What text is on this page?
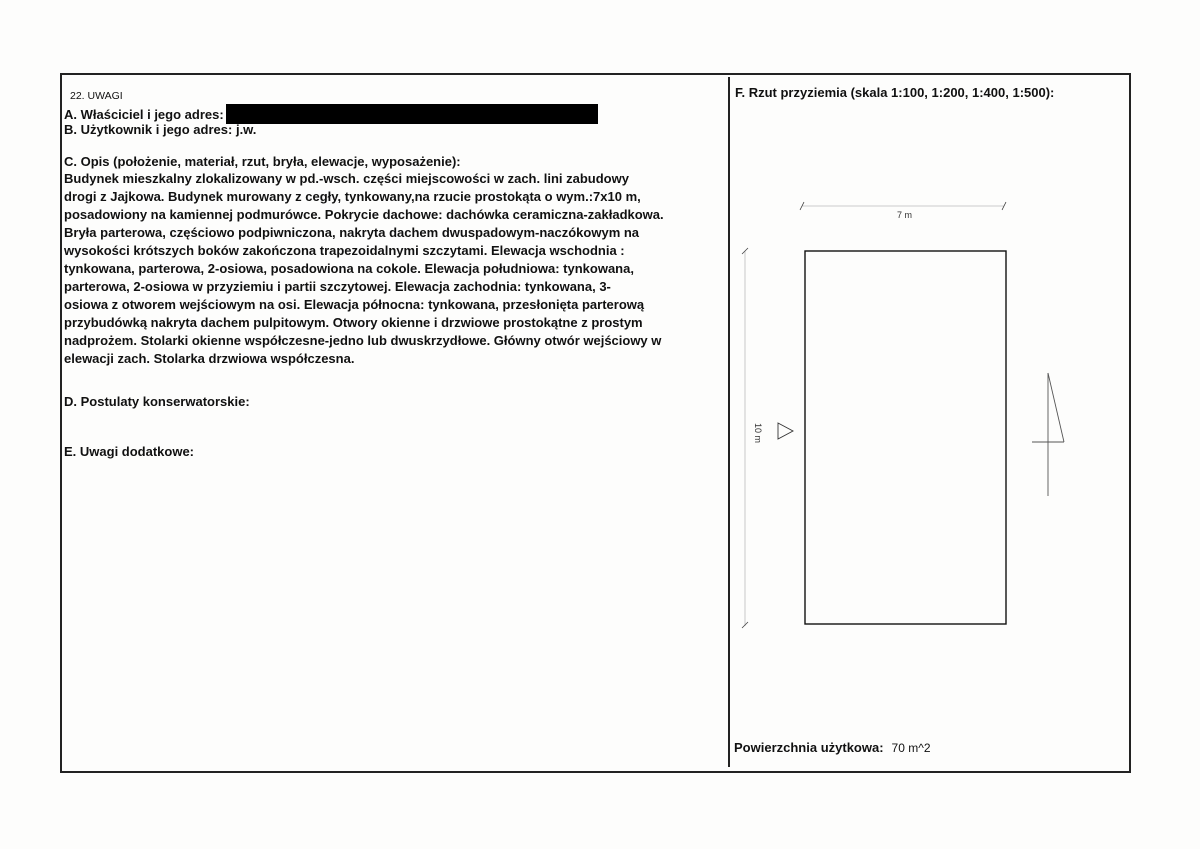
22. UWAGI
A. Właściciel i jego adres:
B. Użytkownik i jego adres: j.w.
C. Opis (położenie, materiał, rzut, bryła, elewacje, wyposażenie):
Budynek mieszkalny zlokalizowany w pd.-wsch. części miejscowości w zach. lini zabudowy
drogi z Jajkowa. Budynek murowany z cegły, tynkowany,na rzucie prostokąta o wym.:7x10 m,
posadowiony na kamiennej podmurówce. Pokrycie dachowe: dachówka ceramiczna-zakładkowa.
Bryła parterowa, częściowo podpiwniczona, nakryta dachem dwuspadowym-naczókowym na
wysokości krótszych boków zakończona trapezoidalnymi szczytami. Elewacja wschodnia :
tynkowana, parterowa, 2-osiowa, posadowiona na cokole. Elewacja południowa: tynkowana,
parterowa, 2-osiowa w przyziemiu i partii szczytowej. Elewacja zachodnia: tynkowana, 3-
osiowa z otworem wejściowym na osi. Elewacja północna: tynkowana, przesłonięta parterową
przybudówką nakryta dachem pulpitowym. Otwory okienne i drzwiowe prostokątne z prostym
nadprożem. Stolarki okienne współczesne-jedno lub dwuskrzydłowe. Główny otwór wejściowy w
elewacji zach. Stolarka drzwiowa współczesna.
D. Postulaty konserwatorskie:
E. Uwagi dodatkowe:
F. Rzut przyziemia (skala 1:100, 1:200, 1:400, 1:500):
7 m
10 m
Powierzchnia użytkowa: 70 m^2
